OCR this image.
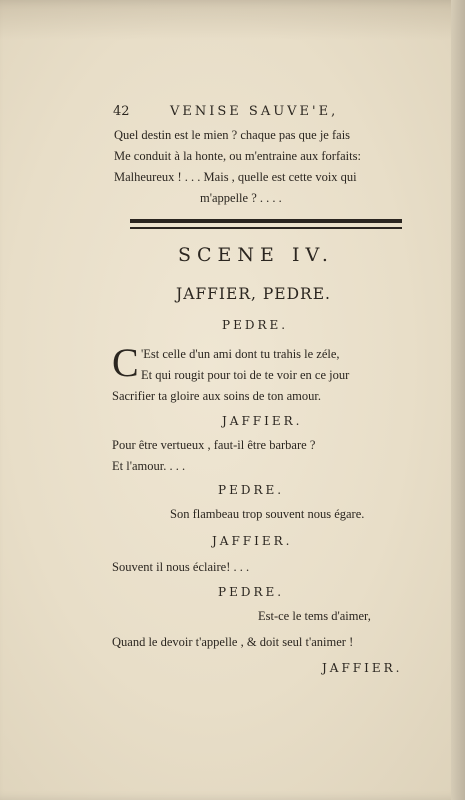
42	VENISE SAUVE'E,
Quel destin est le mien ? chaque pas que je fais
Me conduit à la honte, ou m'entraine aux forfaits:
Malheureux ! . . . Mais , quelle est cette voix qui
m'appelle ? . . . .
SCENE IV.
JAFFIER, PEDRE.
PEDRE.
C 'Est celle d'un ami dont tu trahis le zéle,
Et qui rougit pour toi de te voir en ce jour
Sacrifier ta gloire aux soins de ton amour.
JAFFIER.
Pour être vertueux , faut-il être barbare ?
Et l'amour. . . .
PEDRE.
Son flambeau trop souvent nous égare.
JAFFIER.
Souvent il nous éclaire! . . .
PEDRE.
Est-ce le tems d'aimer,
Quand le devoir t'appelle , & doit seul t'animer !
JAFFIER.
